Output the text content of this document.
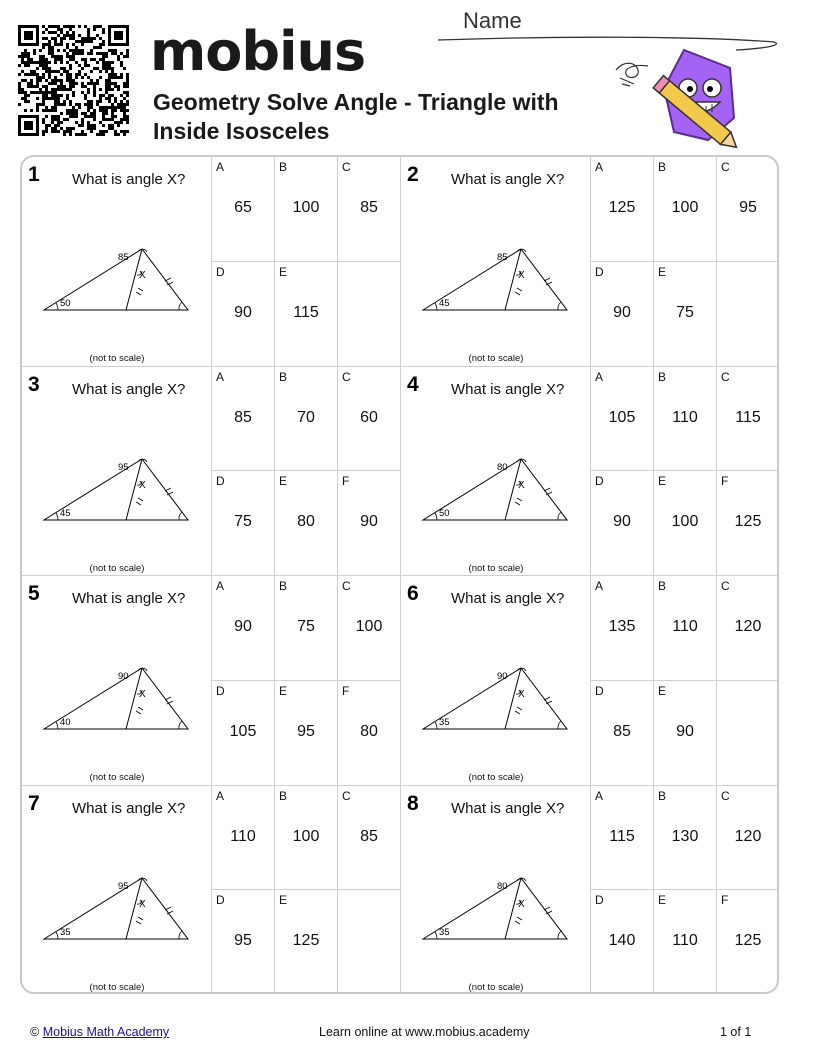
mobius
Geometry Solve Angle - Triangle with Inside Isosceles
Name
1 What is angle X?
85
50
X
(not to scale)
A
65
B
100
C
85
D
90
E
115
2 What is angle X?
85
45
X
(not to scale)
A
125
B
100
C
95
D
90
E
75
3 What is angle X?
95
45
X
(not to scale)
A
85
B
70
C
60
D
75
E
80
F
90
4 What is angle X?
80
50
X
(not to scale)
A
105
B
110
C
115
D
90
E
100
F
125
5 What is angle X?
90
40
X
(not to scale)
A
90
B
75
C
100
D
105
E
95
F
80
6 What is angle X?
90
35
X
(not to scale)
A
135
B
110
C
120
D
85
E
90
7 What is angle X?
95
35
X
(not to scale)
A
110
B
100
C
85
D
95
E
125
8 What is angle X?
80
35
X
(not to scale)
A
115
B
130
C
120
D
140
E
110
F
125
© Mobius Math Academy	Learn online at www.mobius.academy	1 of 1
